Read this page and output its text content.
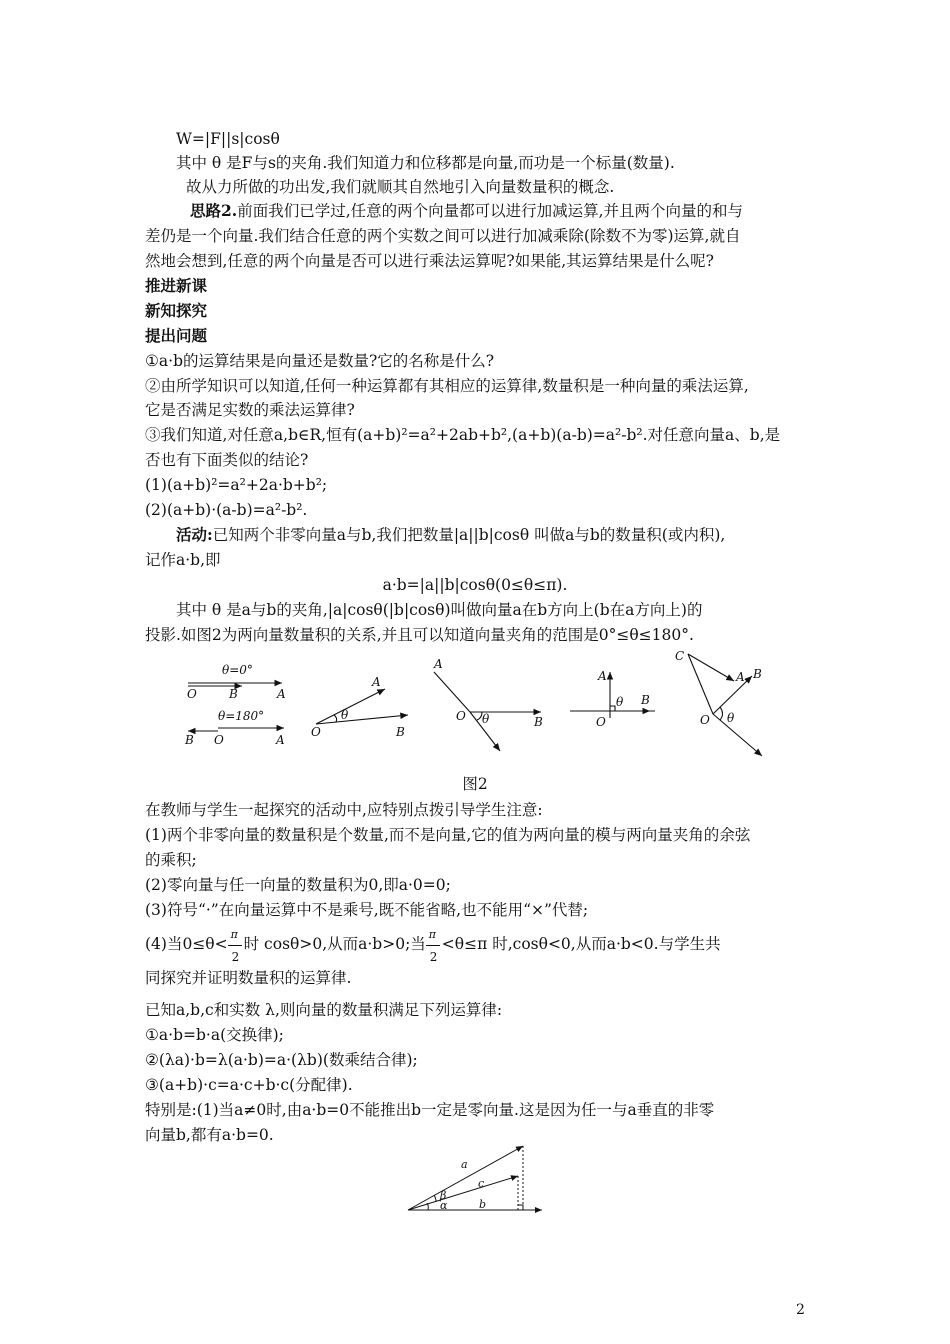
W=|F||s|cosθ
其中 θ 是F与s的夹角.我们知道力和位移都是向量,而功是一个标量(数量).
故从力所做的功出发,我们就顺其自然地引入向量数量积的概念.
思路2.前面我们已学过,任意的两个向量都可以进行加减运算,并且两个向量的和与
差仍是一个向量.我们结合任意的两个实数之间可以进行加减乘除(除数不为零)运算,就自
然地会想到,任意的两个向量是否可以进行乘法运算呢?如果能,其运算结果是什么呢?
推进新课
新知探究
提出问题
①a·b的运算结果是向量还是数量?它的名称是什么?
②由所学知识可以知道,任何一种运算都有其相应的运算律,数量积是一种向量的乘法运算,
它是否满足实数的乘法运算律?
③我们知道,对任意a,b∈R,恒有(a+b)²=a²+2ab+b²,(a+b)(a-b)=a²-b².对任意向量a、b,是
否也有下面类似的结论?
(1)(a+b)²=a²+2a·b+b²;
(2)(a+b)·(a-b)=a²-b².
活动:已知两个非零向量a与b,我们把数量|a||b|cosθ 叫做a与b的数量积(或内积),
记作a·b,即
a·b=|a||b|cosθ(0≤θ≤π).
其中 θ 是a与b的夹角,|a|cosθ(|b|cosθ)叫做向量a在b方向上(b在a方向上)的
投影.如图2为两向量数量积的关系,并且可以知道向量夹角的范围是0°≤θ≤180°.
θ=0°
O	B	A
θ=180°
B O	A
O
A
B
θ
A
O θ	B
A
θ B
O
C
A B
O θ
图2
在教师与学生一起探究的活动中,应特别点拨引导学生注意:
(1)两个非零向量的数量积是个数量,而不是向量,它的值为两向量的模与两向量夹角的余弦
的乘积;
(2)零向量与任一向量的数量积为0,即a·0=0;
(3)符号“·”在向量运算中不是乘号,既不能省略,也不能用“×”代替;
(4)当$0\le\theta< \frac{\pi}{2}$ 时 cosθ>0,从而a·b>0;当 $\frac{\pi}{2} <\theta\le\pi$ 时,cosθ<0,从而a·b<0.与学生共
同探究并证明数量积的运算律.
已知a,b,c和实数 λ,则向量的数量积满足下列运算律:
①a·b=b·a(交换律);
②(λa)·b=λ(a·b)=a·(λb)(数乘结合律);
③(a+b)·c=a·c+b·c(分配律).
特别是:(1)当a≠0时,由a·b=0不能推出b一定是零向量.这是因为任一与a垂直的非零
向量b,都有a·b=0.
a
c
b
α
β
2
